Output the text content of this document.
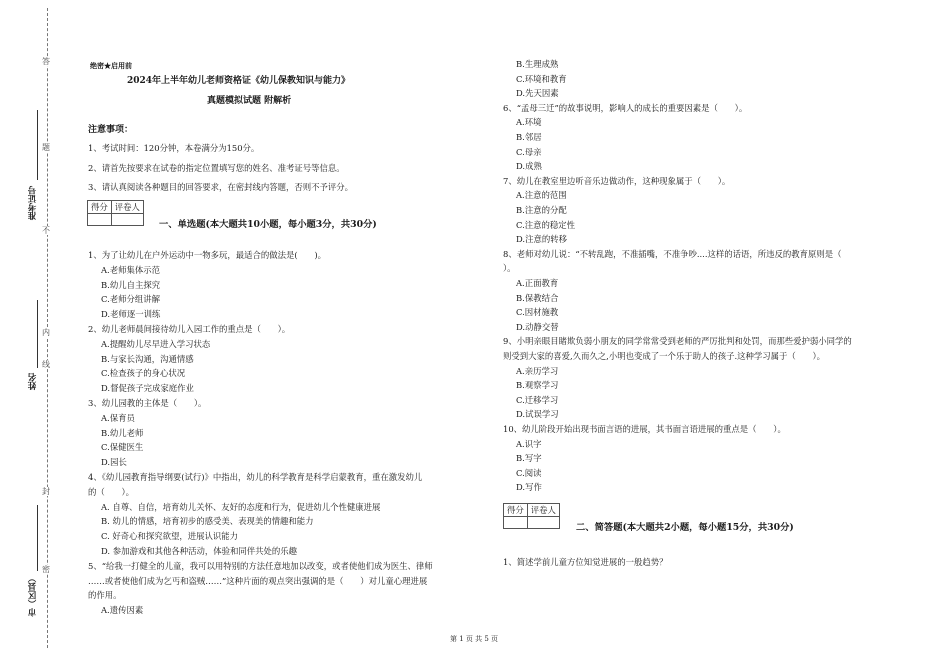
答
题
不
内
线
封
密
准考证号
姓名
市（区县）
绝密★启用前
2024年上半年幼儿老师资格证《幼儿保教知识与能力》
真题模拟试题 附解析
注意事项：
1、考试时间：120分钟，本卷满分为150分。
2、请首先按要求在试卷的指定位置填写您的姓名、准考证号等信息。
3、请认真阅读各种题目的回答要求，在密封线内答题，否则不予评分。
得分	评卷人

一、单选题(本大题共10小题，每小题3分，共30分)
1、为了让幼儿在户外运动中一物多玩，最适合的做法是(　　)。
A.老师集体示范
B.幼儿自主探究
C.老师分组讲解
D.老师逐一训练
2、幼儿老师晨间接待幼儿入园工作的重点是（　　）。
A.提醒幼儿尽早进入学习状态
B.与家长沟通，沟通情感
C.检查孩子的身心状况
D.督促孩子完成家庭作业
3、幼儿园教的主体是（　　）。
A.保育员
B.幼儿老师
C.保健医生
D.园长
4、《幼儿园教育指导纲要(试行)》中指出，幼儿的科学教育是科学启蒙教育，重在激发幼儿
的（　　）。
A. 自尊、自信，培育幼儿关怀、友好的态度和行为，促进幼儿个性健康进展
B. 幼儿的情感，培育初步的感受美、表现美的情趣和能力
C. 好奇心和探究欲望，进展认识能力
D. 参加游戏和其他各种活动，体验和同伴共处的乐趣
5、“给我一打健全的儿童，我可以用特别的方法任意地加以改变，或者使他们成为医生、律师
……或者使他们成为乞丐和盗贼……”这种片面的观点突出强调的是（　　）对儿童心理进展
的作用。
A.遗传因素
B.生理成熟
C.环境和教育
D.先天因素
6、“孟母三迁”的故事说明，影响人的成长的重要因素是（　　）。
A.环境
B.邻居
C.母亲
D.成熟
7、幼儿在教室里边听音乐边做动作，这种现象属于（　　）。
A.注意的范围
B.注意的分配
C.注意的稳定性
D.注意的转移
8、老师对幼儿说：“不转乱跑，不准插嘴，不准争吵....这样的话语，所违反的教育原则是（
）。
A.正面教育
B.保教结合
C.因材施教
D.动静交替
9、小明亲眼目睹欺负弱小朋友的同学常常受到老师的严厉批判和处罚，而那些爱护弱小同学的
则受到大家的喜爱,久而久之,小明也变成了一个乐于助人的孩子.这种学习属于（　　）。
A.亲历学习
B.观察学习
C.迁移学习
D.试误学习
10、幼儿阶段开始出现书面言语的进展，其书面言语进展的重点是（　　）。
A.识字
B.写字
C.阅读
D.写作
得分	评卷人

二、简答题(本大题共2小题，每小题15分，共30分)
1、简述学前儿童方位知觉进展的一般趋势？
第 1 页 共 5 页
